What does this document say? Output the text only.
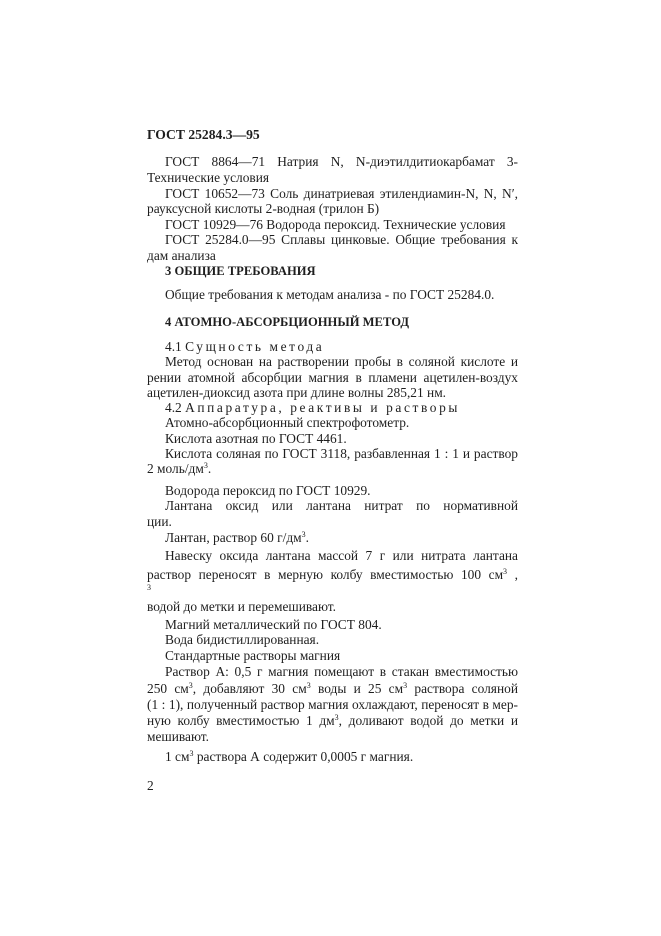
ГОСТ 25284.3—95
ГОСТ 8864—71 Натрия N, N-диэтилдитиокарбамат 3-
Технические условия
ГОСТ 10652—73 Соль динатриевая этилендиамин-N, N, N′,
рауксусной кислоты 2-водная (трилон Б)
ГОСТ 10929—76 Водорода пероксид. Технические условия
ГОСТ 25284.0—95 Сплавы цинковые. Общие требования к
дам анализа
3 ОБЩИЕ ТРЕБОВАНИЯ
Общие требования к методам анализа - по ГОСТ 25284.0.
4 АТОМНО-АБСОРБЦИОННЫЙ МЕТОД
4.1 Сущность метода
Метод основан на растворении пробы в соляной кислоте и
рении атомной абсорбции магния в пламени ацетилен-воздух
ацетилен-диоксид азота при длине волны 285,21 нм.
4.2 Аппаратура, реактивы и растворы
Атомно-абсорбционный спектрофотометр.
Кислота азотная по ГОСТ 4461.
Кислота соляная по ГОСТ 3118, разбавленная 1 : 1 и раствор
2 моль/$дм^3$.
Водорода пероксид по ГОСТ 10929.
Лантана оксид или лантана нитрат по нормативной
ции.
Лантан, раствор 60 $г/дм^3$.
Навеску оксида лантана массой 7 г или нитрата лантана
раствор переносят в мерную колбу вместимостью 100 $см^3$ ,
$^3$
водой до метки и перемешивают.
Магний металлический по ГОСТ 804.
Вода бидистиллированная.
Стандартные растворы магния
Раствор А: 0,5 г магния помещают в стакан вместимостью
250 $см^3$, добавляют 30 $см^3$ воды и 25 $см^3$ раствора соляной
(1 : 1), полученный раствор магния охлаждают, переносят в мер-
ную колбу вместимостью 1 $дм^3$, доливают водой до метки и
мешивают.
1 $см^3$ раствора А содержит 0,0005 г магния.
2
